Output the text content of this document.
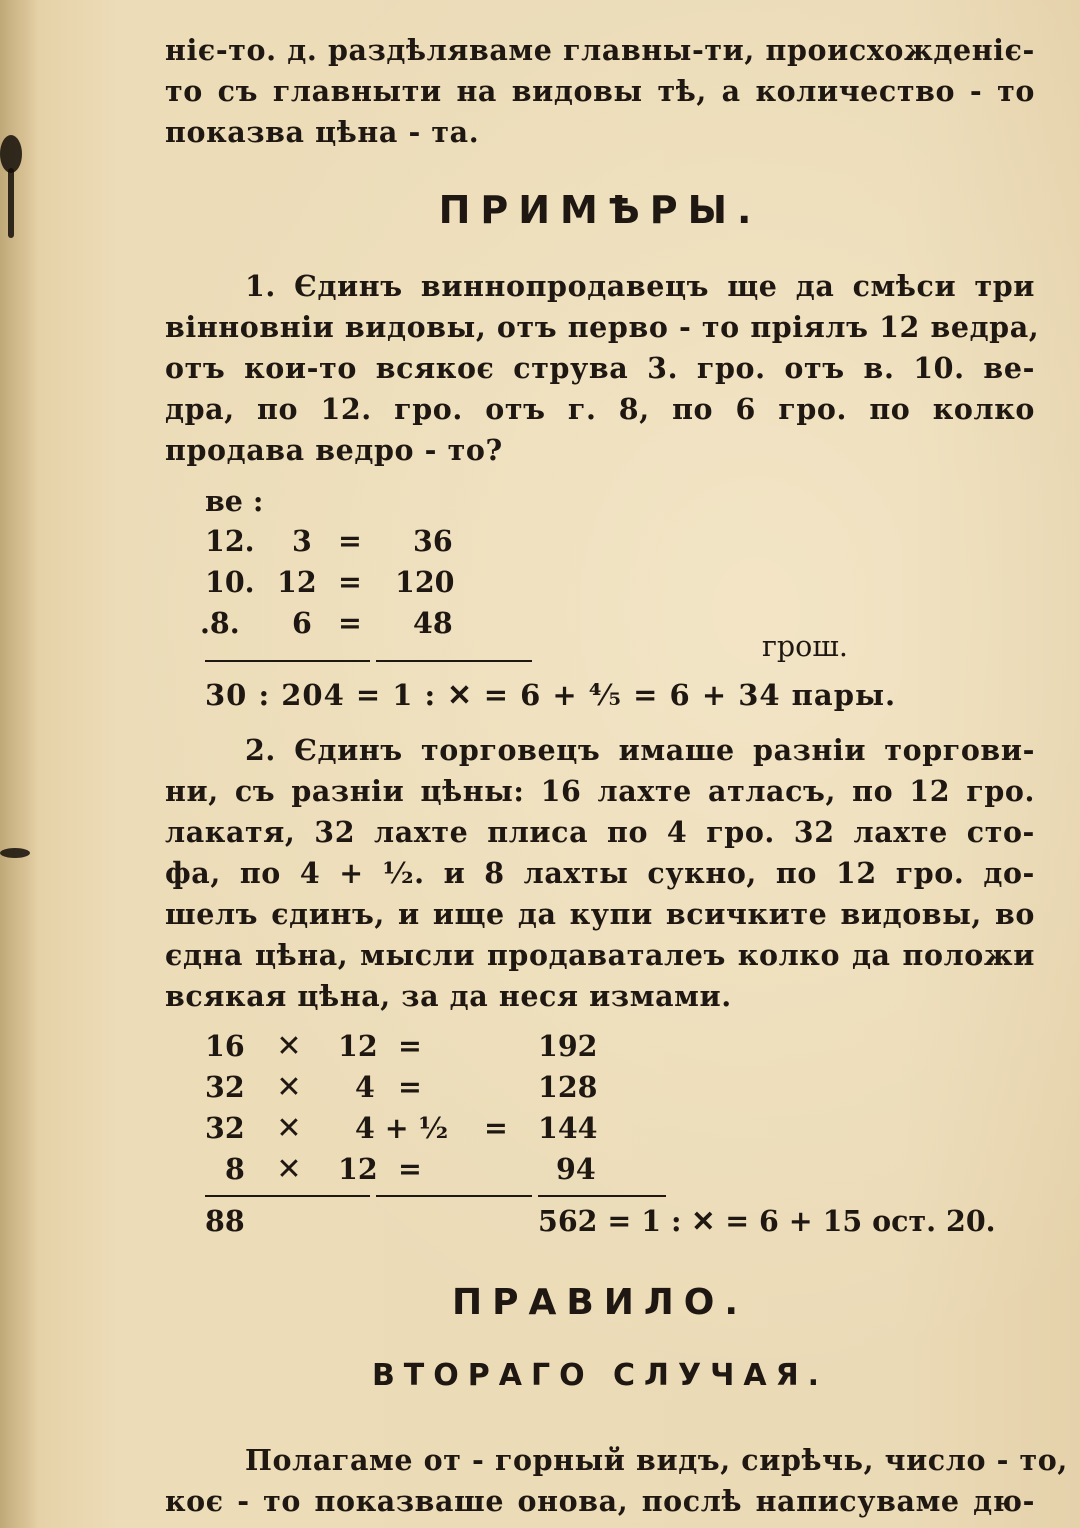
ніє-то. д. раздѣляваме главны-ти, происхожденіє-
то съ главныти на видовы тѣ, а количество - то
показва цѣна - та.
ПРИМѢРЫ.
1. Єдинъ виннопродавецъ ще да смѣси три
вінновніи видовы, отъ перво - то пріялъ 12 ведра,
отъ кои-то всякоє струва 3. гро. отъ в. 10. ве-
дра, по 12. гро. отъ г. 8, по 6 гро. по колко
продава ведро - то?
ве :
12. 3 = 36
10. 12 = 120
.8. 6 = 48
грош.
30 : 204 = 1 : ✕ = 6 + ⁴⁄₅ = 6 + 34 пары.
2. Єдинъ торговецъ имаше разніи торгови-
ни, съ разніи цѣны: 16 лахте атласъ, по 12 гро.
лакатя, 32 лахте плиса по 4 гро. 32 лахте сто-
фа, по 4 + ¹⁄₂. и 8 лахты сукно, по 12 гро. до-
шелъ єдинъ, и ище да купи всичките видовы, во
єдна цѣна, мысли продаваталеъ колко да положи
всякая цѣна, за да неся измами.
16	✕	12 =	192
32	✕	4 =	128
32	✕	4 + ¹⁄₂ = 144
8	✕	12 =	94
88	562 = 1 : ✕ = 6 + 15 ост. 20.
ПРАВИЛО.
ВТОРАГО СЛУЧАЯ.
Полагаме от - горный видъ, сирѣчь, число - то,
коє - то показваше онова, послѣ написуваме дю-
